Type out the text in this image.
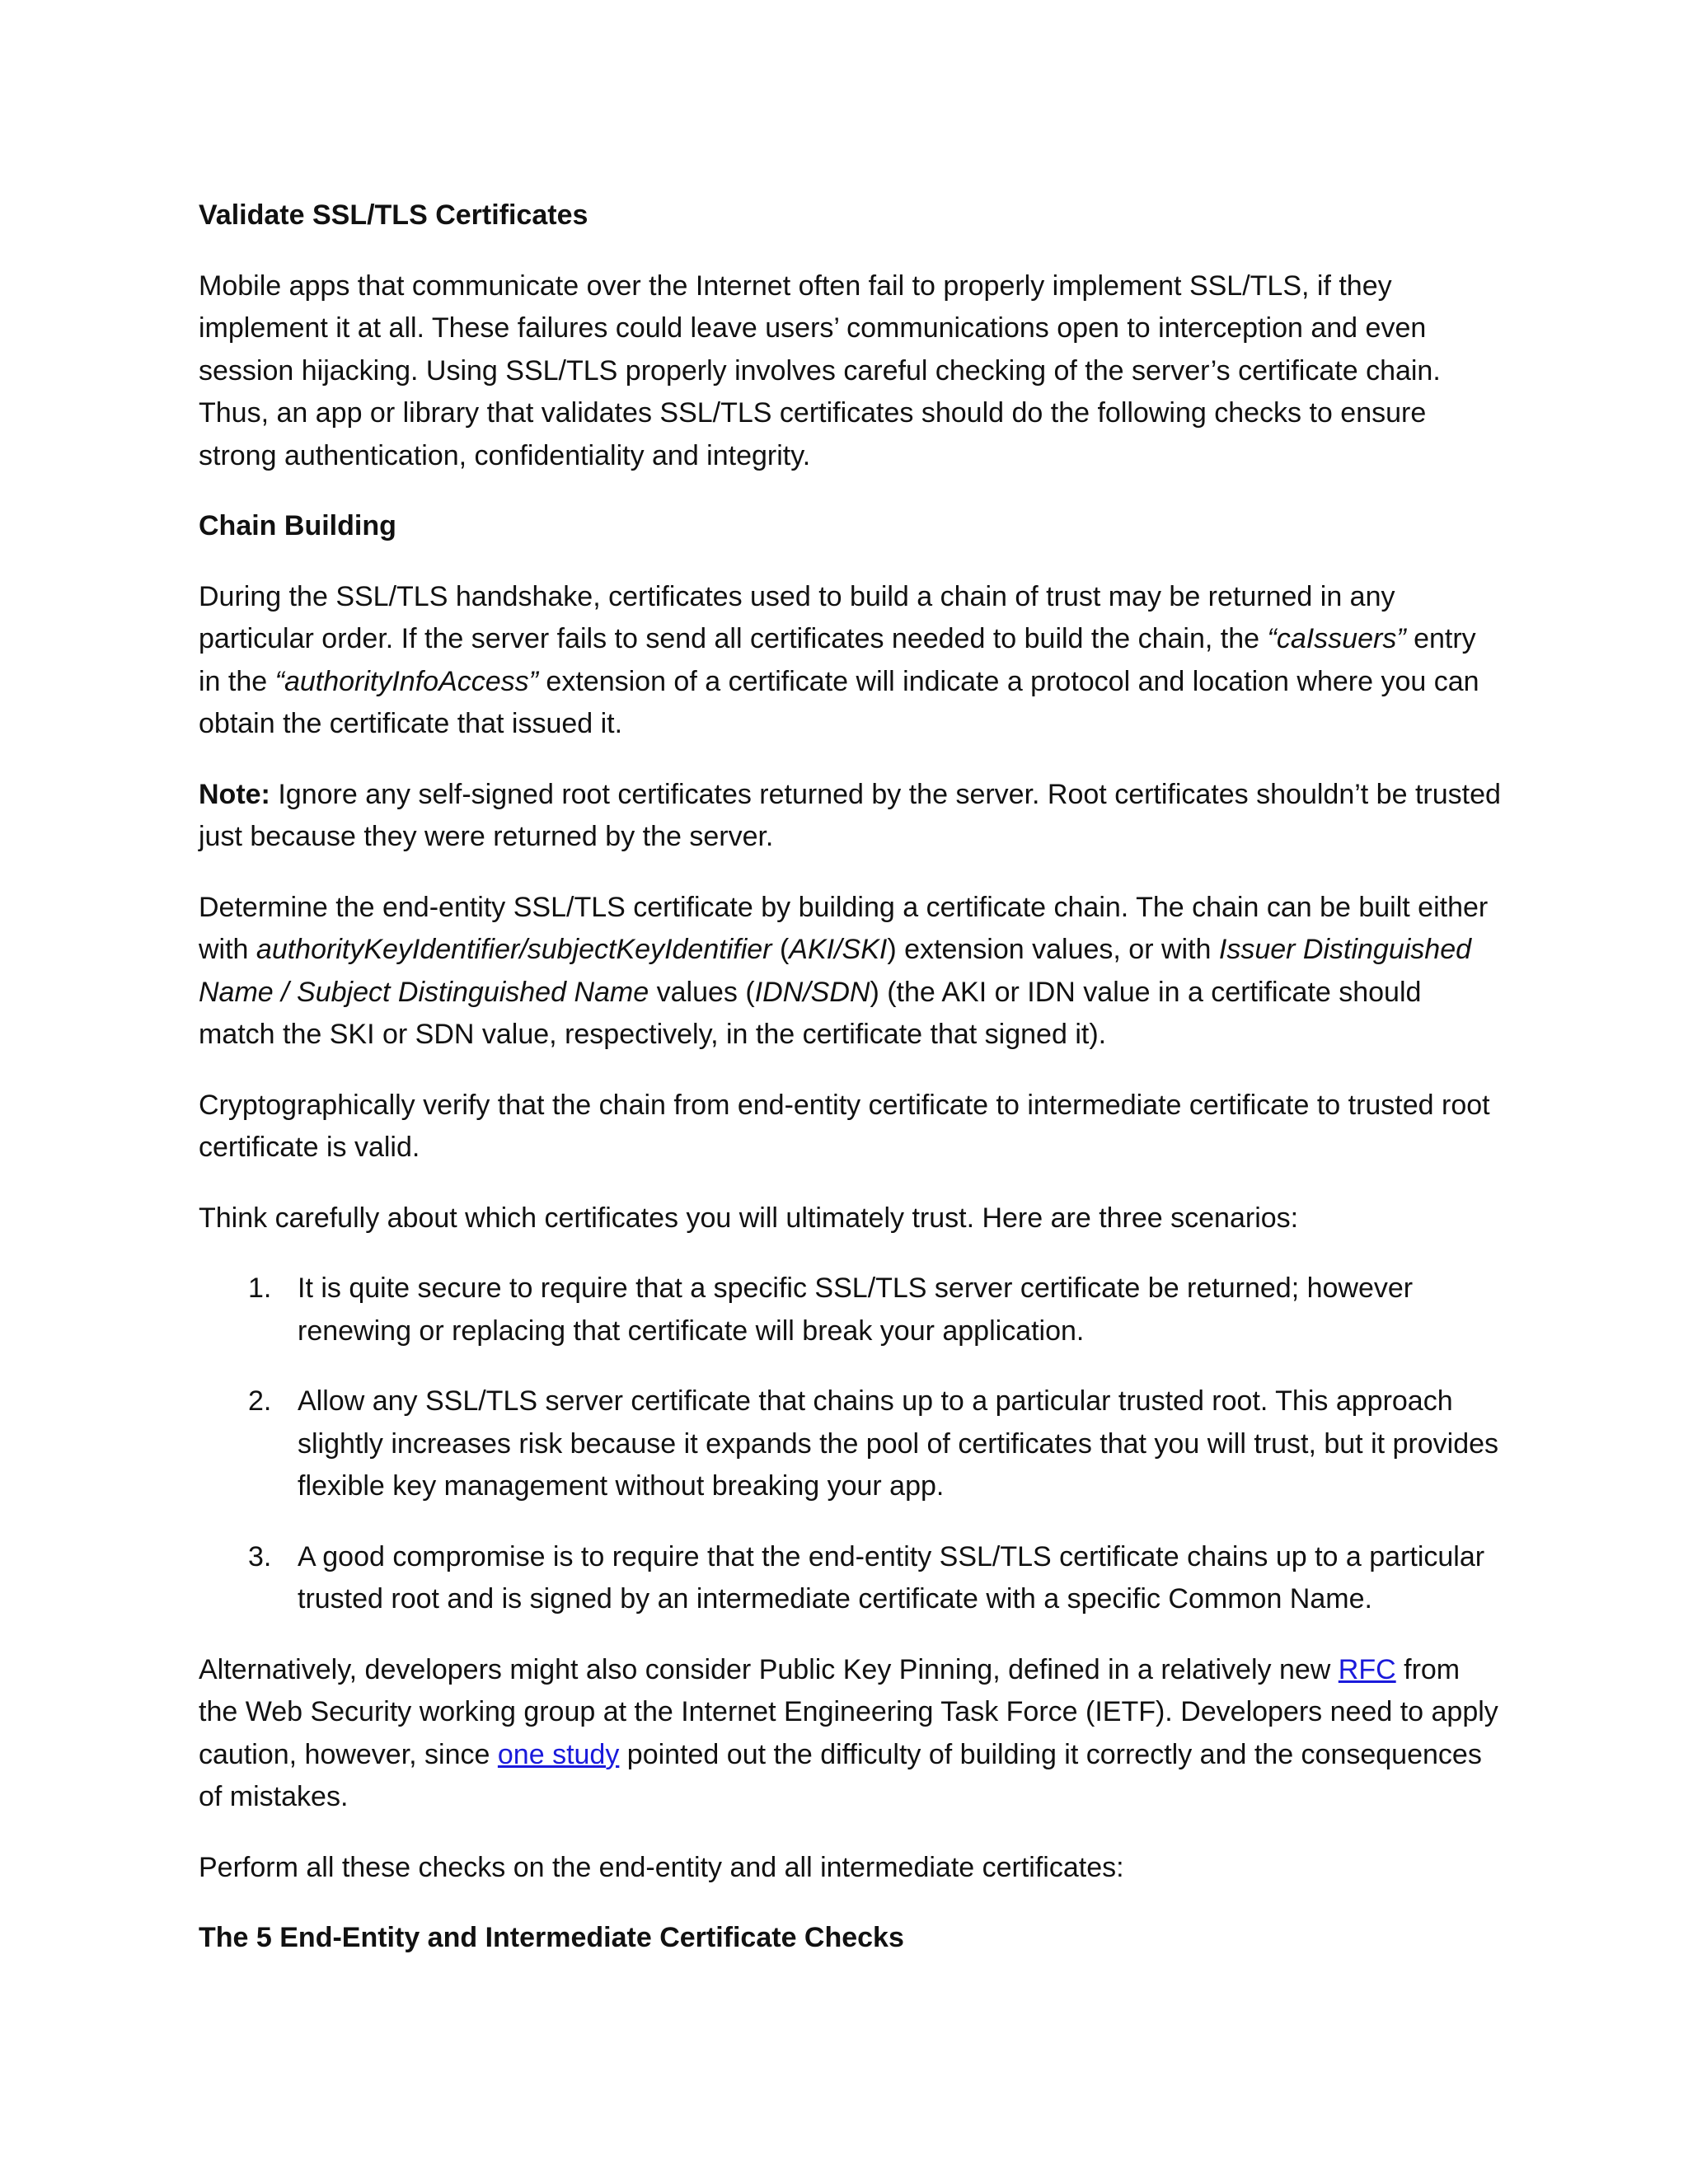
Validate SSL/TLS Certificates

Mobile apps that communicate over the Internet often fail to properly implement SSL/TLS, if they implement it at all. These failures could leave users’ communications open to interception and even session hijacking. Using SSL/TLS properly involves careful checking of the server’s certificate chain. Thus, an app or library that validates SSL/TLS certificates should do the following checks to ensure strong authentication, confidentiality and integrity.

Chain Building

During the SSL/TLS handshake, certificates used to build a chain of trust may be returned in any particular order. If the server fails to send all certificates needed to build the chain, the “caIssuers” entry in the “authorityInfoAccess” extension of a certificate will indicate a protocol and location where you can obtain the certificate that issued it.

Note: Ignore any self-signed root certificates returned by the server. Root certificates shouldn’t be trusted just because they were returned by the server.

Determine the end-entity SSL/TLS certificate by building a certificate chain. The chain can be built either with authorityKeyIdentifier/subjectKeyIdentifier (AKI/SKI) extension values, or with Issuer Distinguished Name / Subject Distinguished Name values (IDN/SDN) (the AKI or IDN value in a certificate should match the SKI or SDN value, respectively, in the certificate that signed it).

Cryptographically verify that the chain from end-entity certificate to intermediate certificate to trusted root certificate is valid.

Think carefully about which certificates you will ultimately trust. Here are three scenarios:

1. It is quite secure to require that a specific SSL/TLS server certificate be returned; however renewing or replacing that certificate will break your application.
2. Allow any SSL/TLS server certificate that chains up to a particular trusted root. This approach slightly increases risk because it expands the pool of certificates that you will trust, but it provides flexible key management without breaking your app.
3. A good compromise is to require that the end-entity SSL/TLS certificate chains up to a particular trusted root and is signed by an intermediate certificate with a specific Common Name.

Alternatively, developers might also consider Public Key Pinning, defined in a relatively new RFC from the Web Security working group at the Internet Engineering Task Force (IETF). Developers need to apply caution, however, since one study pointed out the difficulty of building it correctly and the consequences of mistakes.

Perform all these checks on the end-entity and all intermediate certificates:

The 5 End-Entity and Intermediate Certificate Checks
